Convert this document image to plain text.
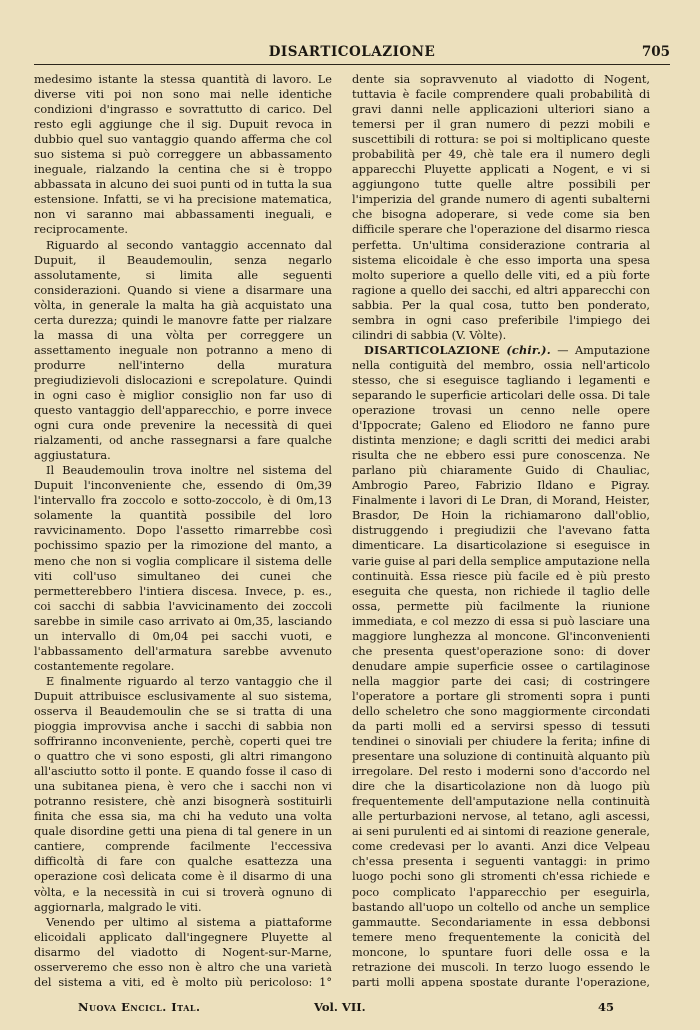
DISARTICOLAZIONE	705

medesimo istante la stessa quantità di lavoro. Le diverse viti poi non sono mai nelle identiche condizioni d'ingrasso e sovrattutto di carico. Del resto egli aggiunge che il sig. Dupuit revoca in dubbio quel suo vantaggio quando afferma che col suo sistema si può correggere un abbassamento ineguale, rialzando la centina che si è troppo abbassata in alcuno dei suoi punti od in tutta la sua estensione. Infatti, se vi ha precisione matematica, non vi saranno mai abbassamenti ineguali, e reciprocamente.

Riguardo al secondo vantaggio accennato dal Dupuit, il Beaudemoulin, senza negarlo assolutamente, si limita alle seguenti considerazioni. Quando si viene a disarmare una vòlta, in generale la malta ha già acquistato una certa durezza; quindi le manovre fatte per rialzare la massa di una vòlta per correggere un assettamento ineguale non potranno a meno di produrre nell'interno della muratura pregiudizievoli dislocazioni e screpolature. Quindi in ogni caso è miglior consiglio non far uso di questo vantaggio dell'apparecchio, e porre invece ogni cura onde prevenire la necessità di quei rialzamenti, od anche rassegnarsi a fare qualche aggiustatura.

Il Beaudemoulin trova inoltre nel sistema del Dupuit l'inconveniente che, essendo di 0m,39 l'intervallo fra zoccolo e sotto-zoccolo, è di 0m,13 solamente la quantità possibile del loro ravvicinamento. Dopo l'assetto rimarrebbe così pochissimo spazio per la rimozione del manto, a meno che non si voglia complicare il sistema delle viti coll'uso simultaneo dei cunei che permetterebbero l'intiera discesa. Invece, p. es., coi sacchi di sabbia l'avvicinamento dei zoccoli sarebbe in simile caso arrivato ai 0m,35, lasciando un intervallo di 0m,04 pei sacchi vuoti, e l'abbassamento dell'armatura sarebbe avvenuto costantemente regolare.

E finalmente riguardo al terzo vantaggio che il Dupuit attribuisce esclusivamente al suo sistema, osserva il Beaudemoulin che se si tratta di una pioggia improvvisa anche i sacchi di sabbia non soffriranno inconveniente, perchè, coperti quei tre o quattro che vi sono esposti, gli altri rimangono all'asciutto sotto il ponte. E quando fosse il caso di una subitanea piena, è vero che i sacchi non vi potranno resistere, chè anzi bisognerà sostituirli finita che essa sia, ma chi ha veduto una volta quale disordine getti una piena di tal genere in un cantiere, comprende facilmente l'eccessiva difficoltà di fare con qualche esattezza una operazione così delicata come è il disarmo di una vòlta, e la necessità in cui si troverà ognuno di aggiornarla, malgrado le viti.

Venendo per ultimo al sistema a piattaforme elicoidali applicato dall'ingegnere Pluyette al disarmo del viadotto di Nogent-sur-Marne, osserveremo che esso non è altro che una varietà del sistema a viti, ed è molto più pericoloso: 1°

dente sia sopravvenuto al viadotto di Nogent, tuttavia è facile comprendere quali probabilità di gravi danni nelle applicazioni ulteriori siano a temersi per il gran numero di pezzi mobili e suscettibili di rottura: se poi si moltiplicano queste probabilità per 49, chè tale era il numero degli apparecchi Pluyette applicati a Nogent, e vi si aggiungono tutte quelle altre possibili per l'imperizia del grande numero di agenti subalterni che bisogna adoperare, si vede come sia ben difficile sperare che l'operazione del disarmo riesca perfetta. Un'ultima considerazione contraria al sistema elicoidale è che esso importa una spesa molto superiore a quello delle viti, ed a più forte ragione a quello dei sacchi, ed altri apparecchi con sabbia. Per la qual cosa, tutto ben ponderato, sembra in ogni caso preferibile l'impiego dei cilindri di sabbia (V. Vòlte).

DISARTICOLAZIONE (chir.). — Amputazione nella contiguità del membro, ossia nell'articolo stesso, che si eseguisce tagliando i legamenti e separando le superficie articolari delle ossa. Di tale operazione trovasi un cenno nelle opere d'Ippocrate; Galeno ed Eliodoro ne fanno pure distinta menzione; e dagli scritti dei medici arabi risulta che ne ebbero essi pure conoscenza. Ne parlano più chiaramente Guido di Chauliac, Ambrogio Pareo, Fabrizio Ildano e Pigray. Finalmente i lavori di Le Dran, di Morand, Heister, Brasdor, De Hoin la richiamarono dall'oblio, distruggendo i pregiudizii che l'avevano fatta dimenticare. La disarticolazione si eseguisce in varie guise al pari della semplice amputazione nella continuità. Essa riesce più facile ed è più presto eseguita che questa, non richiede il taglio delle ossa, permette più facilmente la riunione immediata, e col mezzo di essa si può lasciare una maggiore lunghezza al moncone. Gl'inconvenienti che presenta quest'operazione sono: di dover denudare ampie superficie ossee o cartilaginose nella maggior parte dei casi; di costringere l'operatore a portare gli stromenti sopra i punti dello scheletro che sono maggiormente circondati da parti molli ed a servirsi spesso di tessuti tendinei o sinoviali per chiudere la ferita; infine di presentare una soluzione di continuità alquanto più irregolare. Del resto i moderni sono d'accordo nel dire che la disarticolazione non dà luogo più frequentemente dell'amputazione nella continuità alle perturbazioni nervose, al tetano, agli ascessi, ai seni purulenti ed ai sintomi di reazione generale, come credevasi per lo avanti. Anzi dice Velpeau ch'essa presenta i seguenti vantaggi: in primo luogo pochi sono gli stromenti ch'essa richiede e poco complicato l'apparecchio per eseguirla, bastando all'uopo un coltello od anche un semplice gammautte. Secondariamente in essa debbonsi temere meno frequentemente la conicità del moncone, lo spuntare fuori delle ossa e la retrazione dei muscoli. In terzo luogo essendo le parti molli appena spostate durante l'operazione,

Nuova Encicl. Ital.	Vol. VII.	45
